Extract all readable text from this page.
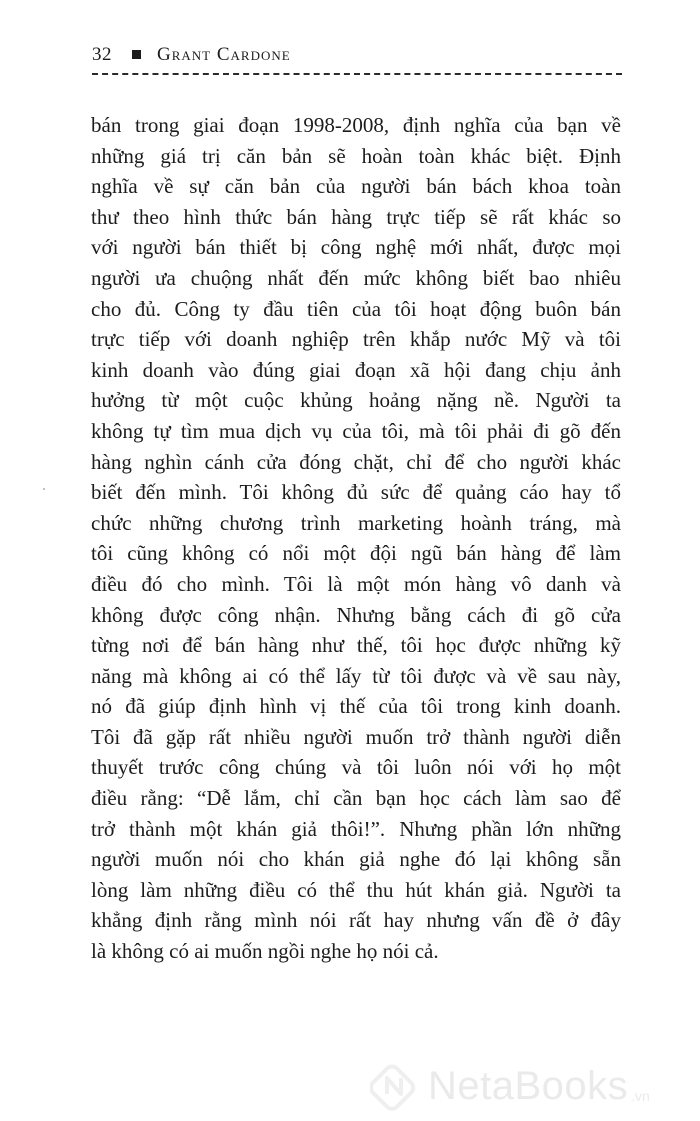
32 Grant Cardone
bán trong giai đoạn 1998-2008, định nghĩa của bạn về
những giá trị căn bản sẽ hoàn toàn khác biệt. Định
nghĩa về sự căn bản của người bán bách khoa toàn
thư theo hình thức bán hàng trực tiếp sẽ rất khác so
với người bán thiết bị công nghệ mới nhất, được mọi
người ưa chuộng nhất đến mức không biết bao nhiêu
cho đủ. Công ty đầu tiên của tôi hoạt động buôn bán
trực tiếp với doanh nghiệp trên khắp nước Mỹ và tôi
kinh doanh vào đúng giai đoạn xã hội đang chịu ảnh
hưởng từ một cuộc khủng hoảng nặng nề. Người ta
không tự tìm mua dịch vụ của tôi, mà tôi phải đi gõ đến
hàng nghìn cánh cửa đóng chặt, chỉ để cho người khác
biết đến mình. Tôi không đủ sức để quảng cáo hay tổ
chức những chương trình marketing hoành tráng, mà
tôi cũng không có nổi một đội ngũ bán hàng để làm
điều đó cho mình. Tôi là một món hàng vô danh và
không được công nhận. Nhưng bằng cách đi gõ cửa
từng nơi để bán hàng như thế, tôi học được những kỹ
năng mà không ai có thể lấy từ tôi được và về sau này,
nó đã giúp định hình vị thế của tôi trong kinh doanh.
Tôi đã gặp rất nhiều người muốn trở thành người diễn
thuyết trước công chúng và tôi luôn nói với họ một
điều rằng: “Dễ lắm, chỉ cần bạn học cách làm sao để
trở thành một khán giả thôi!”. Nhưng phần lớn những
người muốn nói cho khán giả nghe đó lại không sẵn
lòng làm những điều có thể thu hút khán giả. Người ta
khẳng định rằng mình nói rất hay nhưng vấn đề ở đây
là không có ai muốn ngồi nghe họ nói cả.
NetaBooks .vn
